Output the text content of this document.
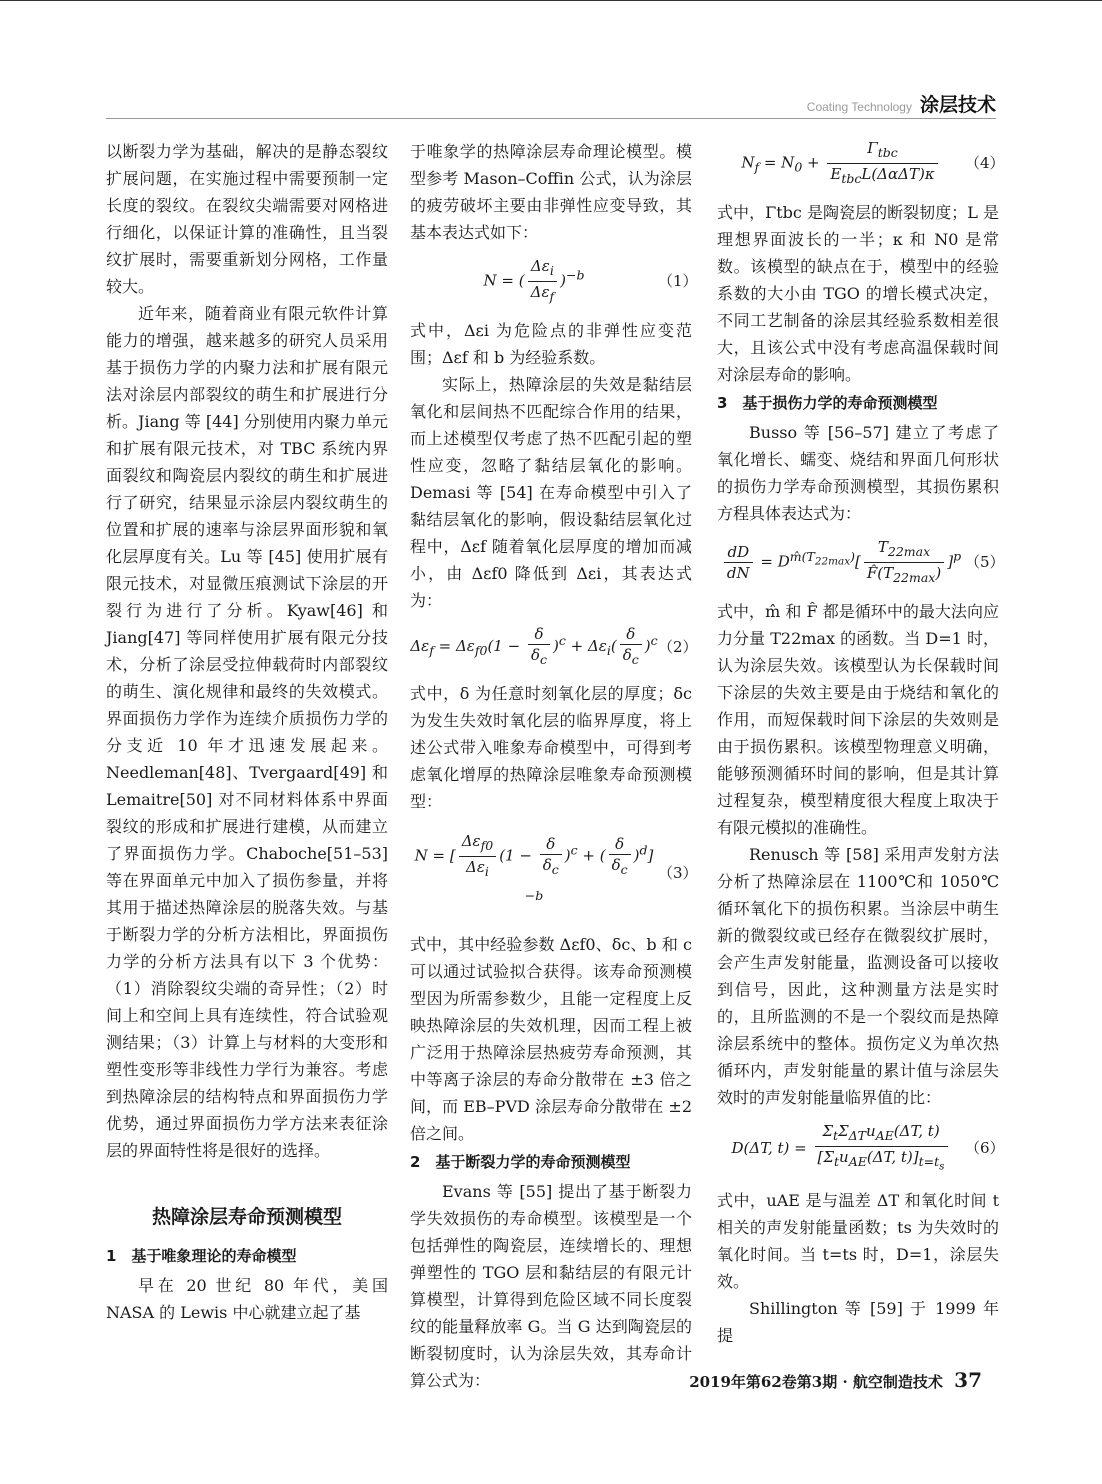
Coating Technology 涂层技术

以断裂力学为基础，解决的是静态裂纹扩展问题，在实施过程中需要预制一定长度的裂纹。在裂纹尖端需要对网格进行细化，以保证计算的准确性，且当裂纹扩展时，需要重新划分网格，工作量较大。

近年来，随着商业有限元软件计算能力的增强，越来越多的研究人员采用基于损伤力学的内聚力法和扩展有限元法对涂层内部裂纹的萌生和扩展进行分析。Jiang 等 [44] 分别使用内聚力单元和扩展有限元技术，对 TBC 系统内界面裂纹和陶瓷层内裂纹的萌生和扩展进行了研究，结果显示涂层内裂纹萌生的位置和扩展的速率与涂层界面形貌和氧化层厚度有关。Lu 等 [45] 使用扩展有限元技术，对显微压痕测试下涂层的开裂行为进行了分析。Kyaw[46] 和 Jiang[47] 等同样使用扩展有限元分技术，分析了涂层受拉伸载荷时内部裂纹的萌生、演化规律和最终的失效模式。界面损伤力学作为连续介质损伤力学的分支近 10 年才迅速发展起来。Needleman[48]、Tvergaard[49] 和 Lemaitre[50] 对不同材料体系中界面裂纹的形成和扩展进行建模，从而建立了界面损伤力学。Chaboche[51–53] 等在界面单元中加入了损伤参量，并将其用于描述热障涂层的脱落失效。与基于断裂力学的分析方法相比，界面损伤力学的分析方法具有以下 3 个优势：（1）消除裂纹尖端的奇异性；（2）时间上和空间上具有连续性，符合试验观测结果；（3）计算上与材料的大变形和塑性变形等非线性力学行为兼容。考虑到热障涂层的结构特点和界面损伤力学优势，通过界面损伤力学方法来表征涂层的界面特性将是很好的选择。

热障涂层寿命预测模型
1　基于唯象理论的寿命模型

早在 20 世纪 80 年代，美国 NASA 的 Lewis 中心就建立起了基

于唯象学的热障涂层寿命理论模型。模型参考 Mason–Coffin 公式，认为涂层的疲劳破坏主要由非弹性应变导致，其基本表达式如下：

N = ( $\frac{\Delta\varepsilon_i}{\Delta\varepsilon_f} )^{-b}$	（1）

式中，Δεi 为危险点的非弹性应变范围；Δεf 和 b 为经验系数。

实际上，热障涂层的失效是黏结层氧化和层间热不匹配综合作用的结果，而上述模型仅考虑了热不匹配引起的塑性应变，忽略了黏结层氧化的影响。Demasi 等 [54] 在寿命模型中引入了黏结层氧化的影响，假设黏结层氧化过程中，Δεf 随着氧化层厚度的增加而减小，由 Δεf0 降低到 Δεi，其表达式为：

$\Delta\varepsilon_f = \Delta\varepsilon_{f0}(1 - \frac{\delta}{\delta_c} )^c + \Delta\varepsilon_i( \frac{\delta}{\delta_c} )^c$ （2）

式中，δ 为任意时刻氧化层的厚度；δc 为发生失效时氧化层的临界厚度，将上述公式带入唯象寿命模型中，可得到考虑氧化增厚的热障涂层唯象寿命预测模型：

N = [ $\frac{\Delta\varepsilon_{f0}}{\Delta\varepsilon_i} (1 - \frac{\delta}{\delta_c} )^c$ + ( $\frac{\delta}{\delta_c} )^d]^{-b}$
（3）

式中，其中经验参数 Δεf0、δc、b 和 c 可以通过试验拟合获得。该寿命预测模型因为所需参数少，且能一定程度上反映热障涂层的失效机理，因而工程上被广泛用于热障涂层热疲劳寿命预测，其中等离子涂层的寿命分散带在 ±3 倍之间，而 EB–PVD 涂层寿命分散带在 ±2 倍之间。

2　基于断裂力学的寿命预测模型

Evans 等 [55] 提出了基于断裂力学失效损伤的寿命模型。该模型是一个包括弹性的陶瓷层，连续增长的、理想弹塑性的 TGO 层和黏结层的有限元计算模型，计算得到危险区域不同长度裂纹的能量释放率 G。当 G 达到陶瓷层的断裂韧度时，认为涂层失效，其寿命计算公式为：

$N_f = N_0 + \frac{\Gamma_{tbc}}{E_{tbc}L(\Delta\alpha\Delta T)\kappa} (4)$

式中，Γtbc 是陶瓷层的断裂韧度；L 是理想界面波长的一半；κ 和 N0 是常数。该模型的缺点在于，模型中的经验系数的大小由 TGO 的增长模式决定，不同工艺制备的涂层其经验系数相差很大，且该公式中没有考虑高温保载时间对涂层寿命的影响。

3　基于损伤力学的寿命预测模型

Busso 等 [56–57] 建立了考虑了氧化增长、蠕变、烧结和界面几何形状的损伤力学寿命预测模型，其损伤累积方程具体表达式为：

$\frac{dD}{dN} = D^{m̂(T_{22max})}[ \frac{T_{22max}}{F̂(T_{22max})} ]^p$ （5）

式中，m̂ 和 F̂ 都是循环中的最大法向应力分量 T22max 的函数。当 D=1 时，认为涂层失效。该模型认为长保载时间下涂层的失效主要是由于烧结和氧化的作用，而短保载时间下涂层的失效则是由于损伤累积。该模型物理意义明确，能够预测循环时间的影响，但是其计算过程复杂，模型精度很大程度上取决于有限元模拟的准确性。

Renusch 等 [58] 采用声发射方法分析了热障涂层在 1100℃和 1050℃循环氧化下的损伤积累。当涂层中萌生新的微裂纹或已经存在微裂纹扩展时，会产生声发射能量，监测设备可以接收到信号，因此，这种测量方法是实时的，且所监测的不是一个裂纹而是热障涂层系统中的整体。损伤定义为单次热循环内，声发射能量的累计值与涂层失效时的声发射能量临界值的比：

D(ΔT, $t) = \frac{\Sigma_t\Sigma_{\Delta T}u_{AE}(\Delta T, t)}{[\Sigma_tu_{AE}(\Delta T, t)]_{t=t_s}} (6)$

式中，uAE 是与温差 ΔT 和氧化时间 t 相关的声发射能量函数；ts 为失效时的氧化时间。当 t=ts 时，D=1，涂层失效。

Shillington 等 [59] 于 1999 年提

2019年第62卷第3期 · 航空制造技术 37
